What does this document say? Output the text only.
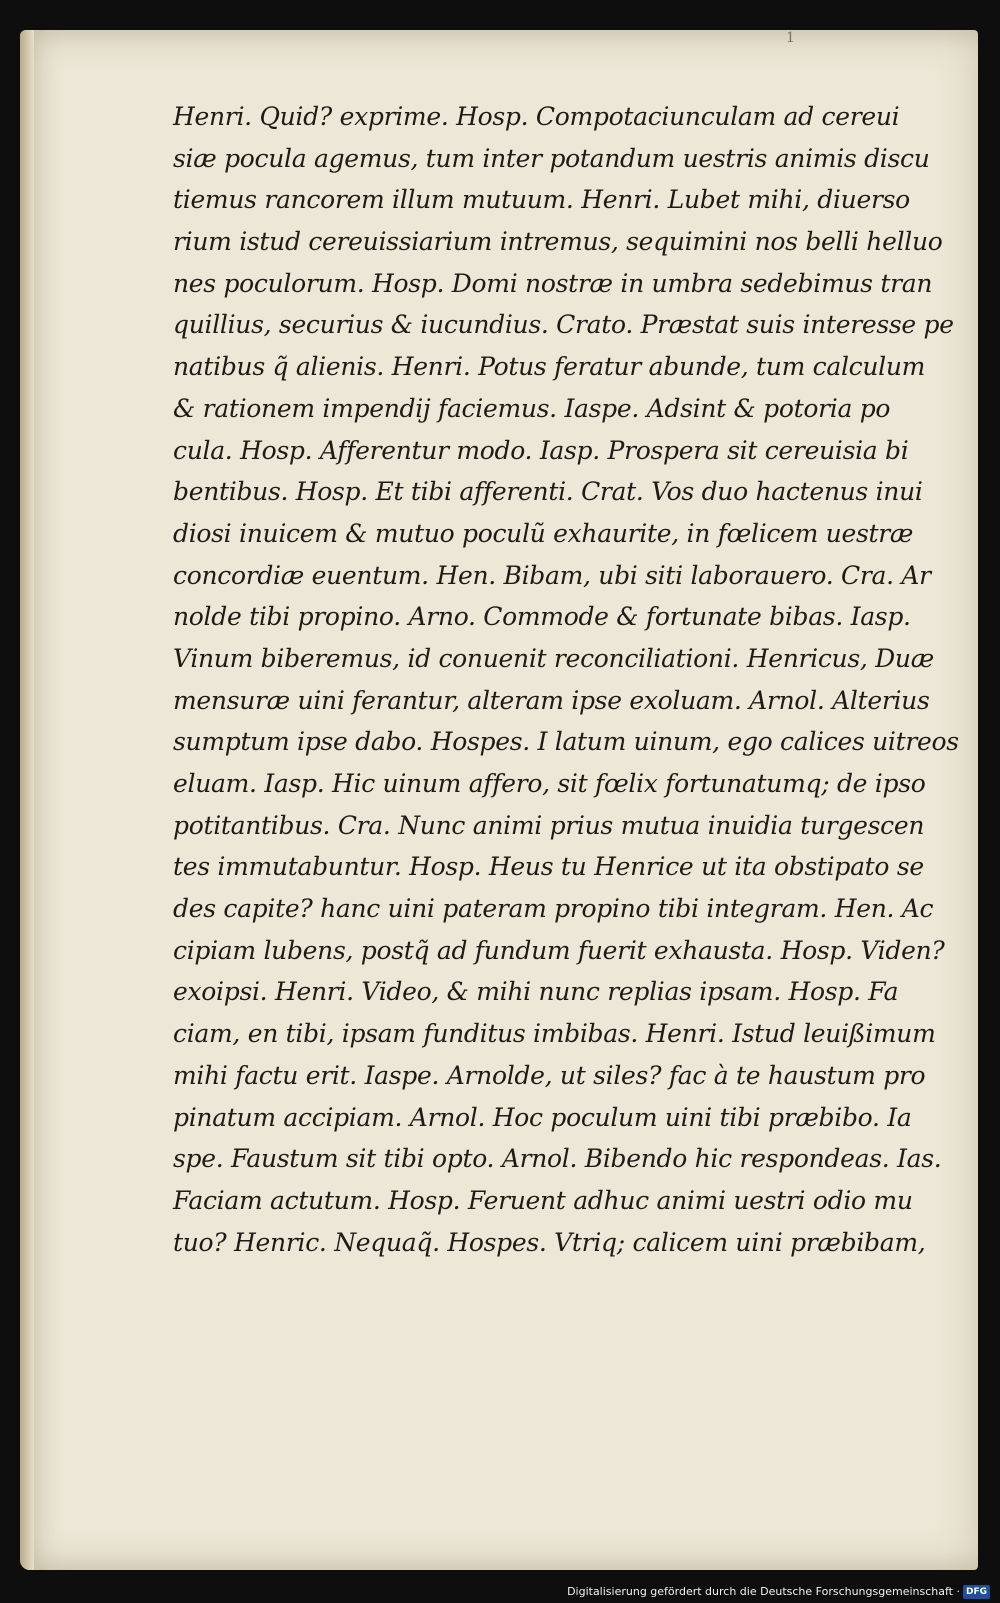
1
Henri. Quid? exprime. Hosp. Compotaciunculam ad cereui
siæ pocula agemus, tum inter potandum uestris animis discu
tiemus rancorem illum mutuum. Henri. Lubet mihi, diuerso
rium istud cereuissiarium intremus, sequimini nos belli helluo
nes poculorum. Hosp. Domi nostræ in umbra sedebimus tran
quillius, securius & iucundius. Crato. Præstat suis interesse pe
natibus q̃ alienis. Henri. Potus feratur abunde, tum calculum
& rationem impendij faciemus. Iaspe. Adsint & potoria po
cula. Hosp. Afferentur modo. Iasp. Prospera sit cereuisia bi
bentibus. Hosp. Et tibi afferenti. Crat. Vos duo hactenus inui
diosi inuicem & mutuo poculũ exhaurite, in fœlicem uestræ
concordiæ euentum. Hen. Bibam, ubi siti laborauero. Cra. Ar
nolde tibi propino. Arno. Commode & fortunate bibas. Iasp.
Vinum biberemus, id conuenit reconciliationi. Henricus, Duæ
mensuræ uini ferantur, alteram ipse exoluam. Arnol. Alterius
sumptum ipse dabo. Hospes. I latum uinum, ego calices uitreos
eluam. Iasp. Hic uinum affero, sit fœlix fortunatumq; de ipso
potitantibus. Cra. Nunc animi prius mutua inuidia turgescen
tes immutabuntur. Hosp. Heus tu Henrice ut ita obstipato se
des capite? hanc uini pateram propino tibi integram. Hen. Ac
cipiam lubens, postq̃ ad fundum fuerit exhausta. Hosp. Viden?
exoipsi. Henri. Video, & mihi nunc replias ipsam. Hosp. Fa
ciam, en tibi, ipsam funditus imbibas. Henri. Istud leuißimum
mihi factu erit. Iaspe. Arnolde, ut siles? fac à te haustum pro
pinatum accipiam. Arnol. Hoc poculum uini tibi præbibo. Ia
spe. Faustum sit tibi opto. Arnol. Bibendo hic respondeas. Ias.
Faciam actutum. Hosp. Feruent adhuc animi uestri odio mu
tuo? Henric. Nequaq̃. Hospes. Vtriq; calicem uini præbibam,
Digitalisierung gefördert durch die Deutsche Forschungsgemeinschaft · DFG
